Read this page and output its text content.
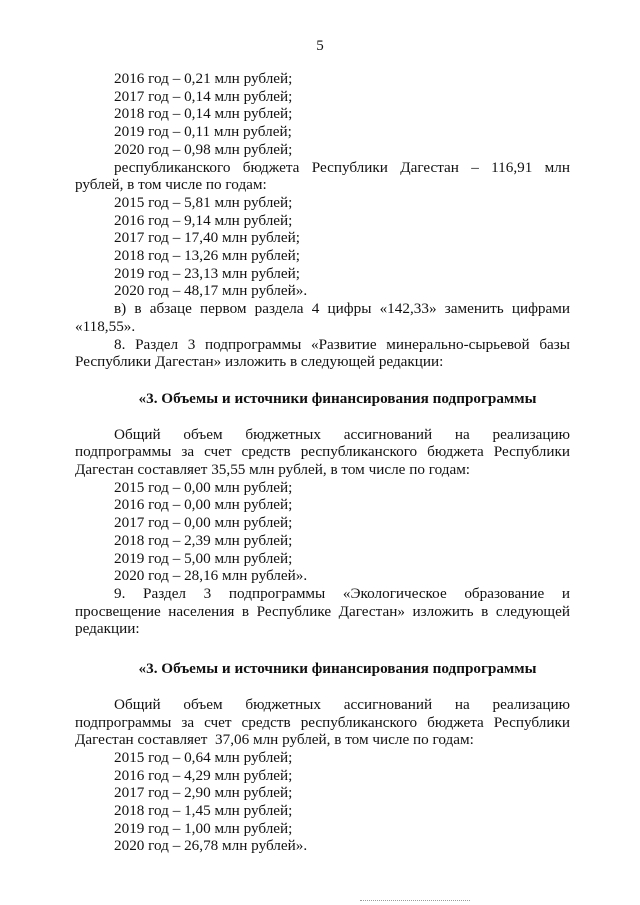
5
2016 год – 0,21 млн рублей;
2017 год – 0,14 млн рублей;
2018 год – 0,14 млн рублей;
2019 год – 0,11 млн рублей;
2020 год – 0,98 млн рублей;
республиканского бюджета Республики Дагестан – 116,91 млн
рублей, в том числе по годам:
2015 год – 5,81 млн рублей;
2016 год – 9,14 млн рублей;
2017 год – 17,40 млн рублей;
2018 год – 13,26 млн рублей;
2019 год – 23,13 млн рублей;
2020 год – 48,17 млн рублей».
в) в абзаце первом раздела 4 цифры «142,33» заменить цифрами
«118,55».
8. Раздел 3 подпрограммы «Развитие минерально-сырьевой базы
Республики Дагестан» изложить в следующей редакции:
«3. Объемы и источники финансирования подпрограммы
Общий объем бюджетных ассигнований на реализацию
подпрограммы за счет средств республиканского бюджета Республики
Дагестан составляет 35,55 млн рублей, в том числе по годам:
2015 год – 0,00 млн рублей;
2016 год – 0,00 млн рублей;
2017 год – 0,00 млн рублей;
2018 год – 2,39 млн рублей;
2019 год – 5,00 млн рублей;
2020 год – 28,16 млн рублей».
9. Раздел 3 подпрограммы «Экологическое образование и
просвещение населения в Республике Дагестан» изложить в следующей
редакции:
«3. Объемы и источники финансирования подпрограммы
Общий объем бюджетных ассигнований на реализацию
подпрограммы за счет средств республиканского бюджета Республики
Дагестан составляет  37,06 млн рублей, в том числе по годам:
2015 год – 0,64 млн рублей;
2016 год – 4,29 млн рублей;
2017 год – 2,90 млн рублей;
2018 год – 1,45 млн рублей;
2019 год – 1,00 млн рублей;
2020 год – 26,78 млн рублей».
